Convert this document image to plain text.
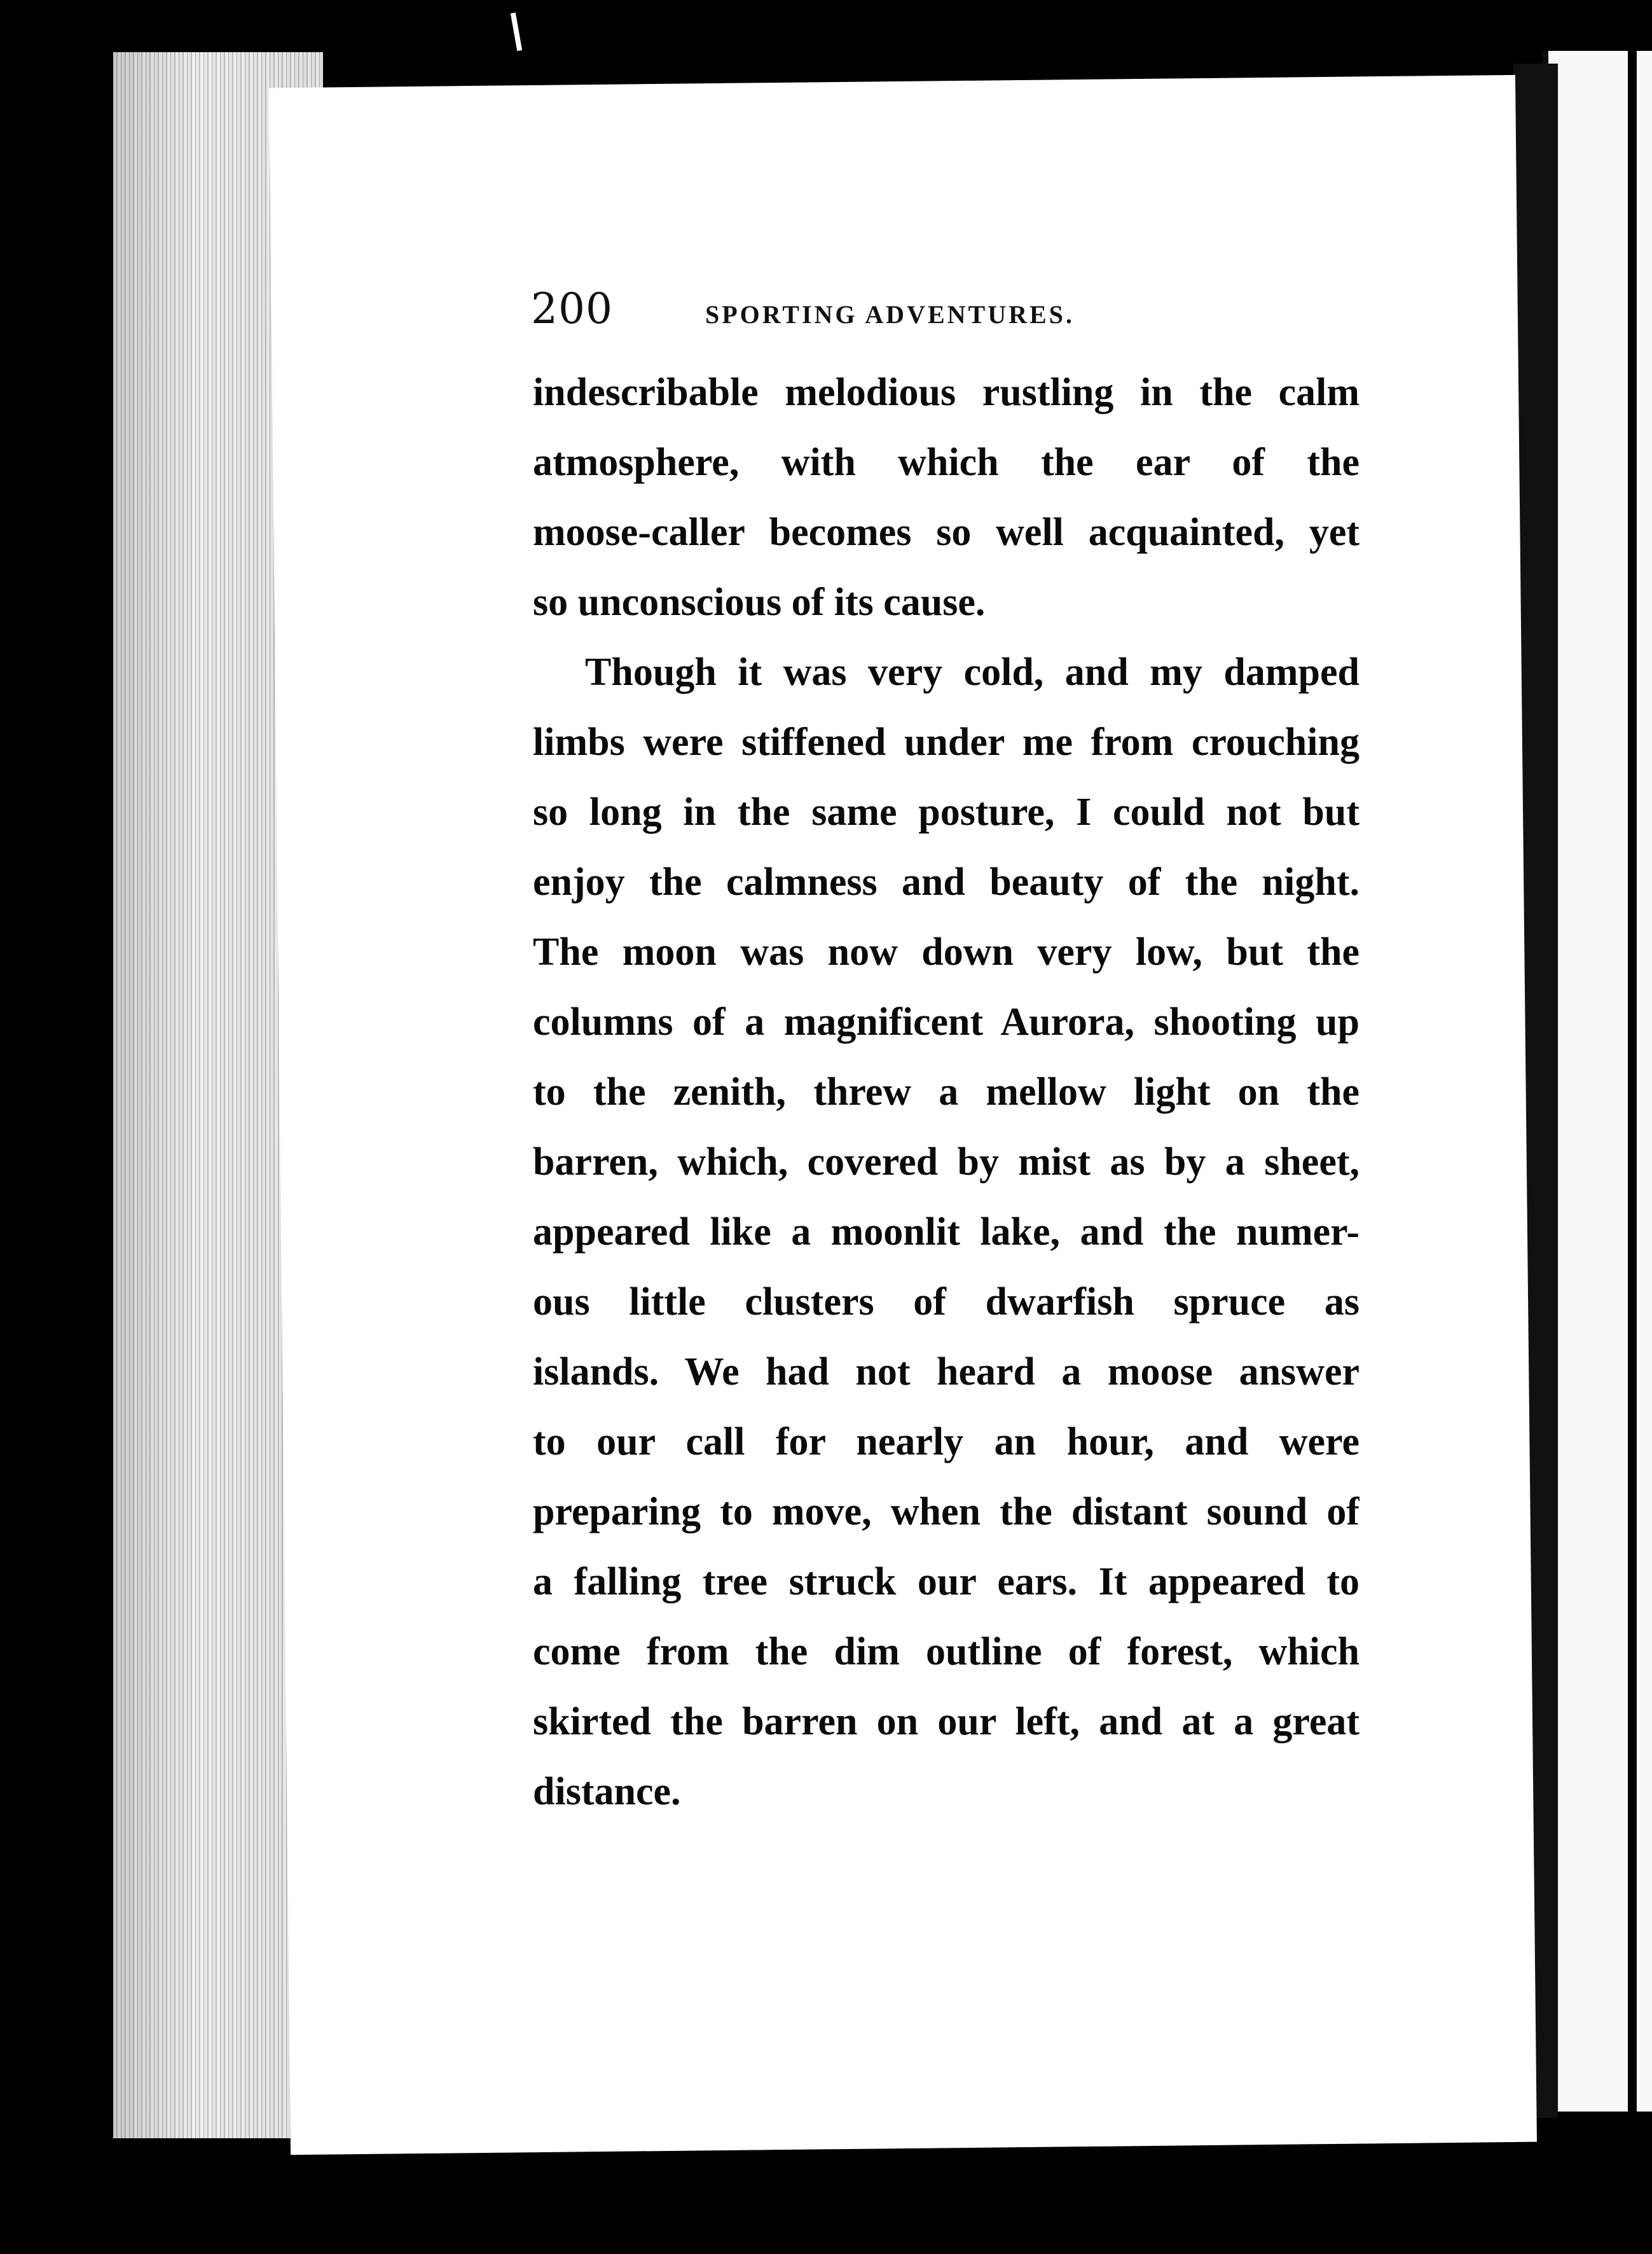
200	SPORTING ADVENTURES.
indescribable melodious rustling in the calm
atmosphere, with which the ear of the
moose-caller becomes so well acquainted, yet
so unconscious of its cause.
Though it was very cold, and my damped
limbs were stiffened under me from crouching
so long in the same posture, I could not but
enjoy the calmness and beauty of the night.
The moon was now down very low, but the
columns of a magnificent Aurora, shooting up
to the zenith, threw a mellow light on the
barren, which, covered by mist as by a sheet,
appeared like a moonlit lake, and the numer-
ous little clusters of dwarfish spruce as
islands. We had not heard a moose answer
to our call for nearly an hour, and were
preparing to move, when the distant sound of
a falling tree struck our ears. It appeared to
come from the dim outline of forest, which
skirted the barren on our left, and at a great
distance.
